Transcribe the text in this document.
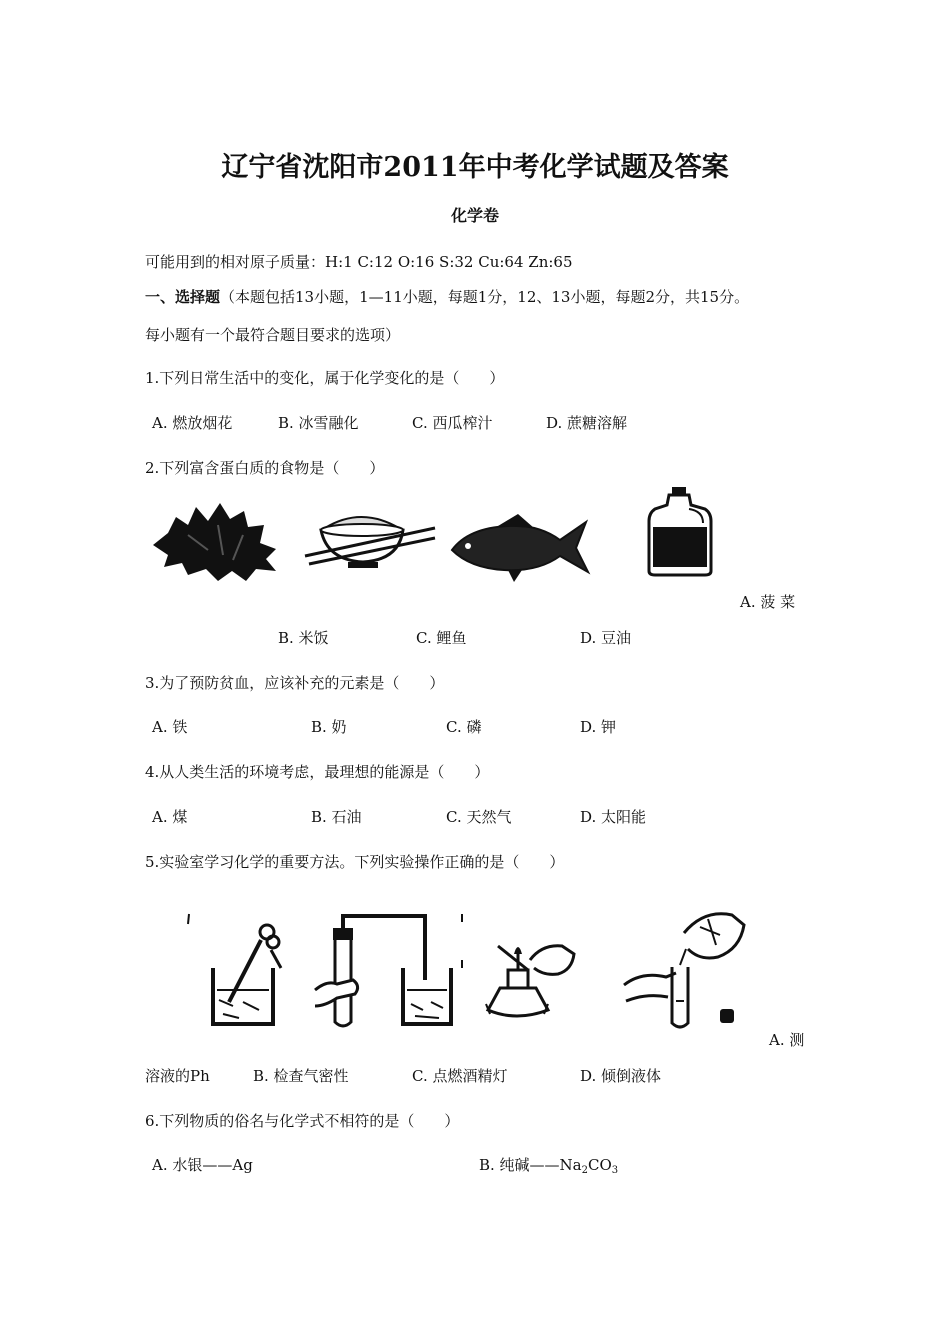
辽宁省沈阳市2011年中考化学试题及答案
化学卷
可能用到的相对原子质量：H:1 C:12 O:16 S:32 Cu:64 Zn:65
一、选择题（本题包括13小题，1—11小题，每题1分，12、13小题，每题2分，共15分。
每小题有一个最符合题目要求的选项）
1.下列日常生活中的变化，属于化学变化的是（　　）
A. 燃放烟花	B. 冰雪融化	C. 西瓜榨汁	D. 蔗糖溶解
2.下列富含蛋白质的食物是（　　）
A. 菠 菜
B. 米饭	C. 鲤鱼	D. 豆油
3.为了预防贫血，应该补充的元素是（　　）
A. 铁	B. 奶	C. 磷	D. 钾
4.从人类生活的环境考虑，最理想的能源是（　　）
A. 煤	B. 石油	C. 天然气	D. 太阳能
5.实验室学习化学的重要方法。下列实验操作正确的是（　　）
A. 测
溶液的Ph	B. 检查气密性	C. 点燃酒精灯	D. 倾倒液体
6.下列物质的俗名与化学式不相符的是（　　）
A. 水银——Ag	B. 纯碱$——Na_2CO_3$
